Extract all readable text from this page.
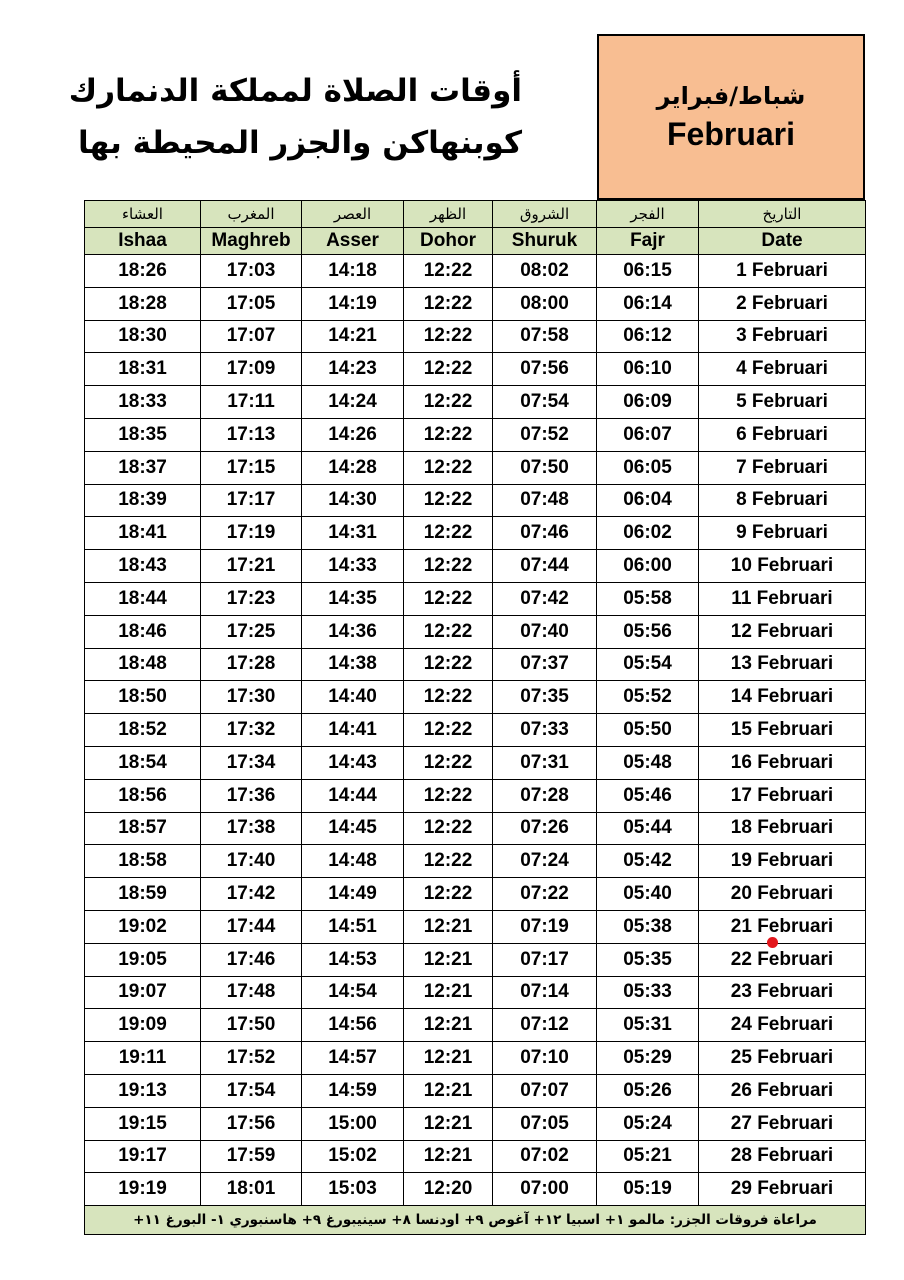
أوقات الصلاة لمملكة الدنمارك
كوبنهاكن والجزر المحيطة بها
شباط/فبراير
Februari
العشاء	المغرب	العصر	الظهر	الشروق	الفجر	التاريخ
Ishaa	Maghreb	Asser	Dohor	Shuruk	Fajr	Date
18:26	17:03	14:18	12:22	08:02	06:15	1 Februari
18:28	17:05	14:19	12:22	08:00	06:14	2 Februari
18:30	17:07	14:21	12:22	07:58	06:12	3 Februari
18:31	17:09	14:23	12:22	07:56	06:10	4 Februari
18:33	17:11	14:24	12:22	07:54	06:09	5 Februari
18:35	17:13	14:26	12:22	07:52	06:07	6 Februari
18:37	17:15	14:28	12:22	07:50	06:05	7 Februari
18:39	17:17	14:30	12:22	07:48	06:04	8 Februari
18:41	17:19	14:31	12:22	07:46	06:02	9 Februari
18:43	17:21	14:33	12:22	07:44	06:00	10 Februari
18:44	17:23	14:35	12:22	07:42	05:58	11 Februari
18:46	17:25	14:36	12:22	07:40	05:56	12 Februari
18:48	17:28	14:38	12:22	07:37	05:54	13 Februari
18:50	17:30	14:40	12:22	07:35	05:52	14 Februari
18:52	17:32	14:41	12:22	07:33	05:50	15 Februari
18:54	17:34	14:43	12:22	07:31	05:48	16 Februari
18:56	17:36	14:44	12:22	07:28	05:46	17 Februari
18:57	17:38	14:45	12:22	07:26	05:44	18 Februari
18:58	17:40	14:48	12:22	07:24	05:42	19 Februari
18:59	17:42	14:49	12:22	07:22	05:40	20 Februari
19:02	17:44	14:51	12:21	07:19	05:38	21 Februari
19:05	17:46	14:53	12:21	07:17	05:35	22 Februari
19:07	17:48	14:54	12:21	07:14	05:33	23 Februari
19:09	17:50	14:56	12:21	07:12	05:31	24 Februari
19:11	17:52	14:57	12:21	07:10	05:29	25 Februari
19:13	17:54	14:59	12:21	07:07	05:26	26 Februari
19:15	17:56	15:00	12:21	07:05	05:24	27 Februari
19:17	17:59	15:02	12:21	07:02	05:21	28 Februari
19:19	18:01	15:03	12:20	07:00	05:19	29 Februari
مراعاة فروقات الجزر: مالمو ١+ اسبيا ١٢+ آغوص ٩+ اودنسا ٨+ سينيبورغ ٩+ هاسنبوري ١- البورغ ١١+						
